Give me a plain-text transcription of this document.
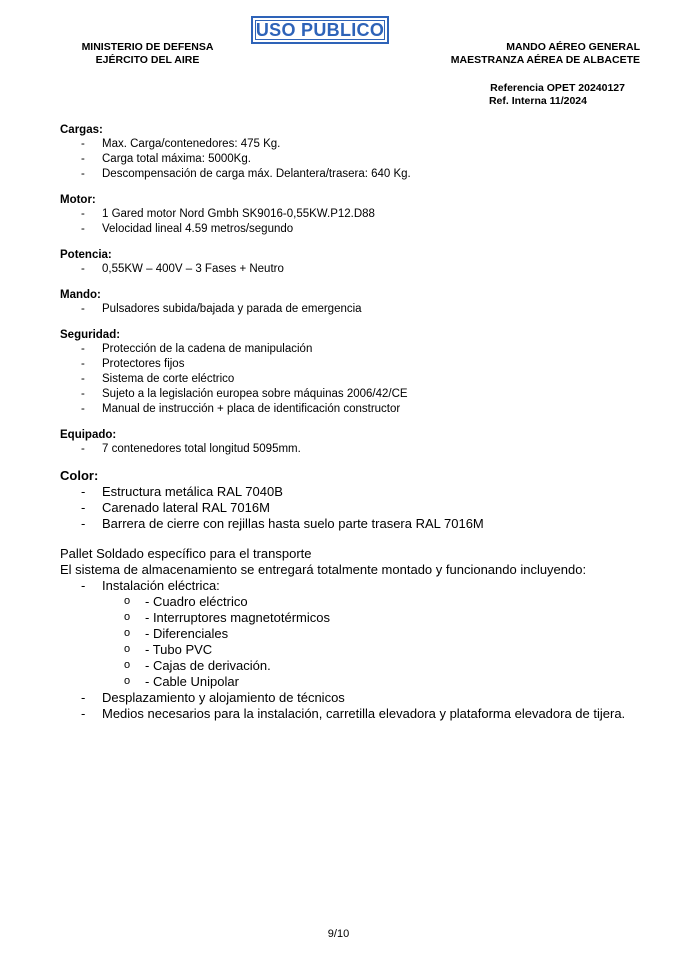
USO PUBLICO
MINISTERIO DE DEFENSA
EJÉRCITO DEL AIRE
MANDO AÉREO GENERAL
MAESTRANZA AÉREA DE ALBACETE
Referencia OPET 20240127
Ref. Interna 11/2024

Cargas:

- Max. Carga/contenedores: 475 Kg.
- Carga total máxima: 5000Kg.
- Descompensación de carga máx. Delantera/trasera: 640 Kg.

Motor:

- 1 Gared motor Nord Gmbh SK9016-0,55KW.P12.D88
- Velocidad lineal 4.59 metros/segundo

Potencia:

- 0,55KW – 400V – 3 Fases + Neutro

Mando:

- Pulsadores subida/bajada y parada de emergencia

Seguridad:

- Protección de la cadena de manipulación
- Protectores fijos
- Sistema de corte eléctrico
- Sujeto a la legislación europea sobre máquinas 2006/42/CE
- Manual de instrucción + placa de identificación constructor

Equipado:

- 7 contenedores total longitud 5095mm.

Color:

- Estructura metálica RAL 7040B
- Carenado lateral RAL 7016M
- Barrera de cierre con rejillas hasta suelo parte trasera RAL 7016M

Pallet Soldado específico para el transporte

El sistema de almacenamiento se entregará totalmente montado y funcionando incluyendo:

- Instalación eléctrica:
o - Cuadro eléctrico
o - Interruptores magnetotérmicos
o - Diferenciales
o - Tubo PVC
o - Cajas de derivación.
o - Cable Unipolar
- Desplazamiento y alojamiento de técnicos
- Medios necesarios para la instalación, carretilla elevadora y plataforma elevadora de tijera.
9/10
